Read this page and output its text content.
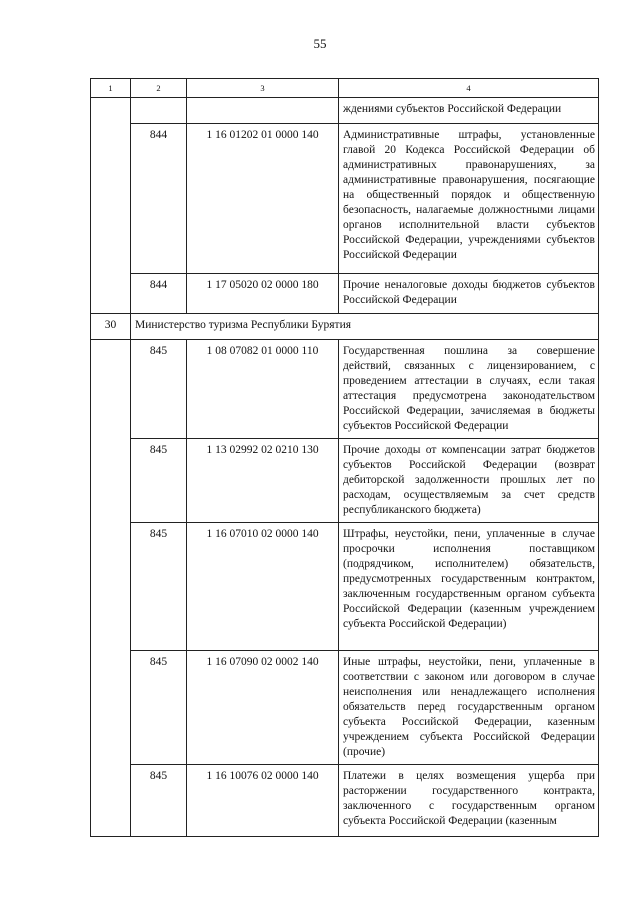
55
1	2	3	4
			ждениями субъектов Российской Федерации
	844	1 16 01202 01 0000 140	Административные штрафы, установленные главой 20 Кодекса Российской Федерации об административных правонарушениях, за административные правонарушения, посягающие на общественный порядок и общественную безопасность, налагаемые должностными лицами органов исполнительной власти субъектов Российской Федерации, учреждениями субъектов Российской Федерации
	844	1 17 05020 02 0000 180	Прочие неналоговые доходы бюджетов субъектов Российской Федерации
30	Министерство туризма Республики Бурятия		
	845	1 08 07082 01 0000 110	Государственная пошлина за совершение действий, связанных с лицензированием, с проведением аттестации в случаях, если такая аттестация предусмотрена законодательством Российской Федерации, зачисляемая в бюджеты субъектов Российской Федерации
	845	1 13 02992 02 0210 130	Прочие доходы от компенсации затрат бюджетов субъектов Российской Федерации (возврат дебиторской задолженности прошлых лет по расходам, осуществляемым за счет средств республиканского бюджета)
	845	1 16 07010 02 0000 140	Штрафы, неустойки, пени, уплаченные в случае просрочки исполнения поставщиком (подрядчиком, исполнителем) обязательств, предусмотренных государственным контрактом, заключенным государственным органом субъекта Российской Федерации (казенным учреждением субъекта Российской Федерации)
	845	1 16 07090 02 0002 140	Иные штрафы, неустойки, пени, уплаченные в соответствии с законом или договором в случае неисполнения или ненадлежащего исполнения обязательств перед государственным органом субъекта Российской Федерации, казенным учреждением субъекта Российской Федерации (прочие)
	845	1 16 10076 02 0000 140	Платежи в целях возмещения ущерба при расторжении государственного контракта, заключенного с государственным органом субъекта Российской Федерации (казенным
